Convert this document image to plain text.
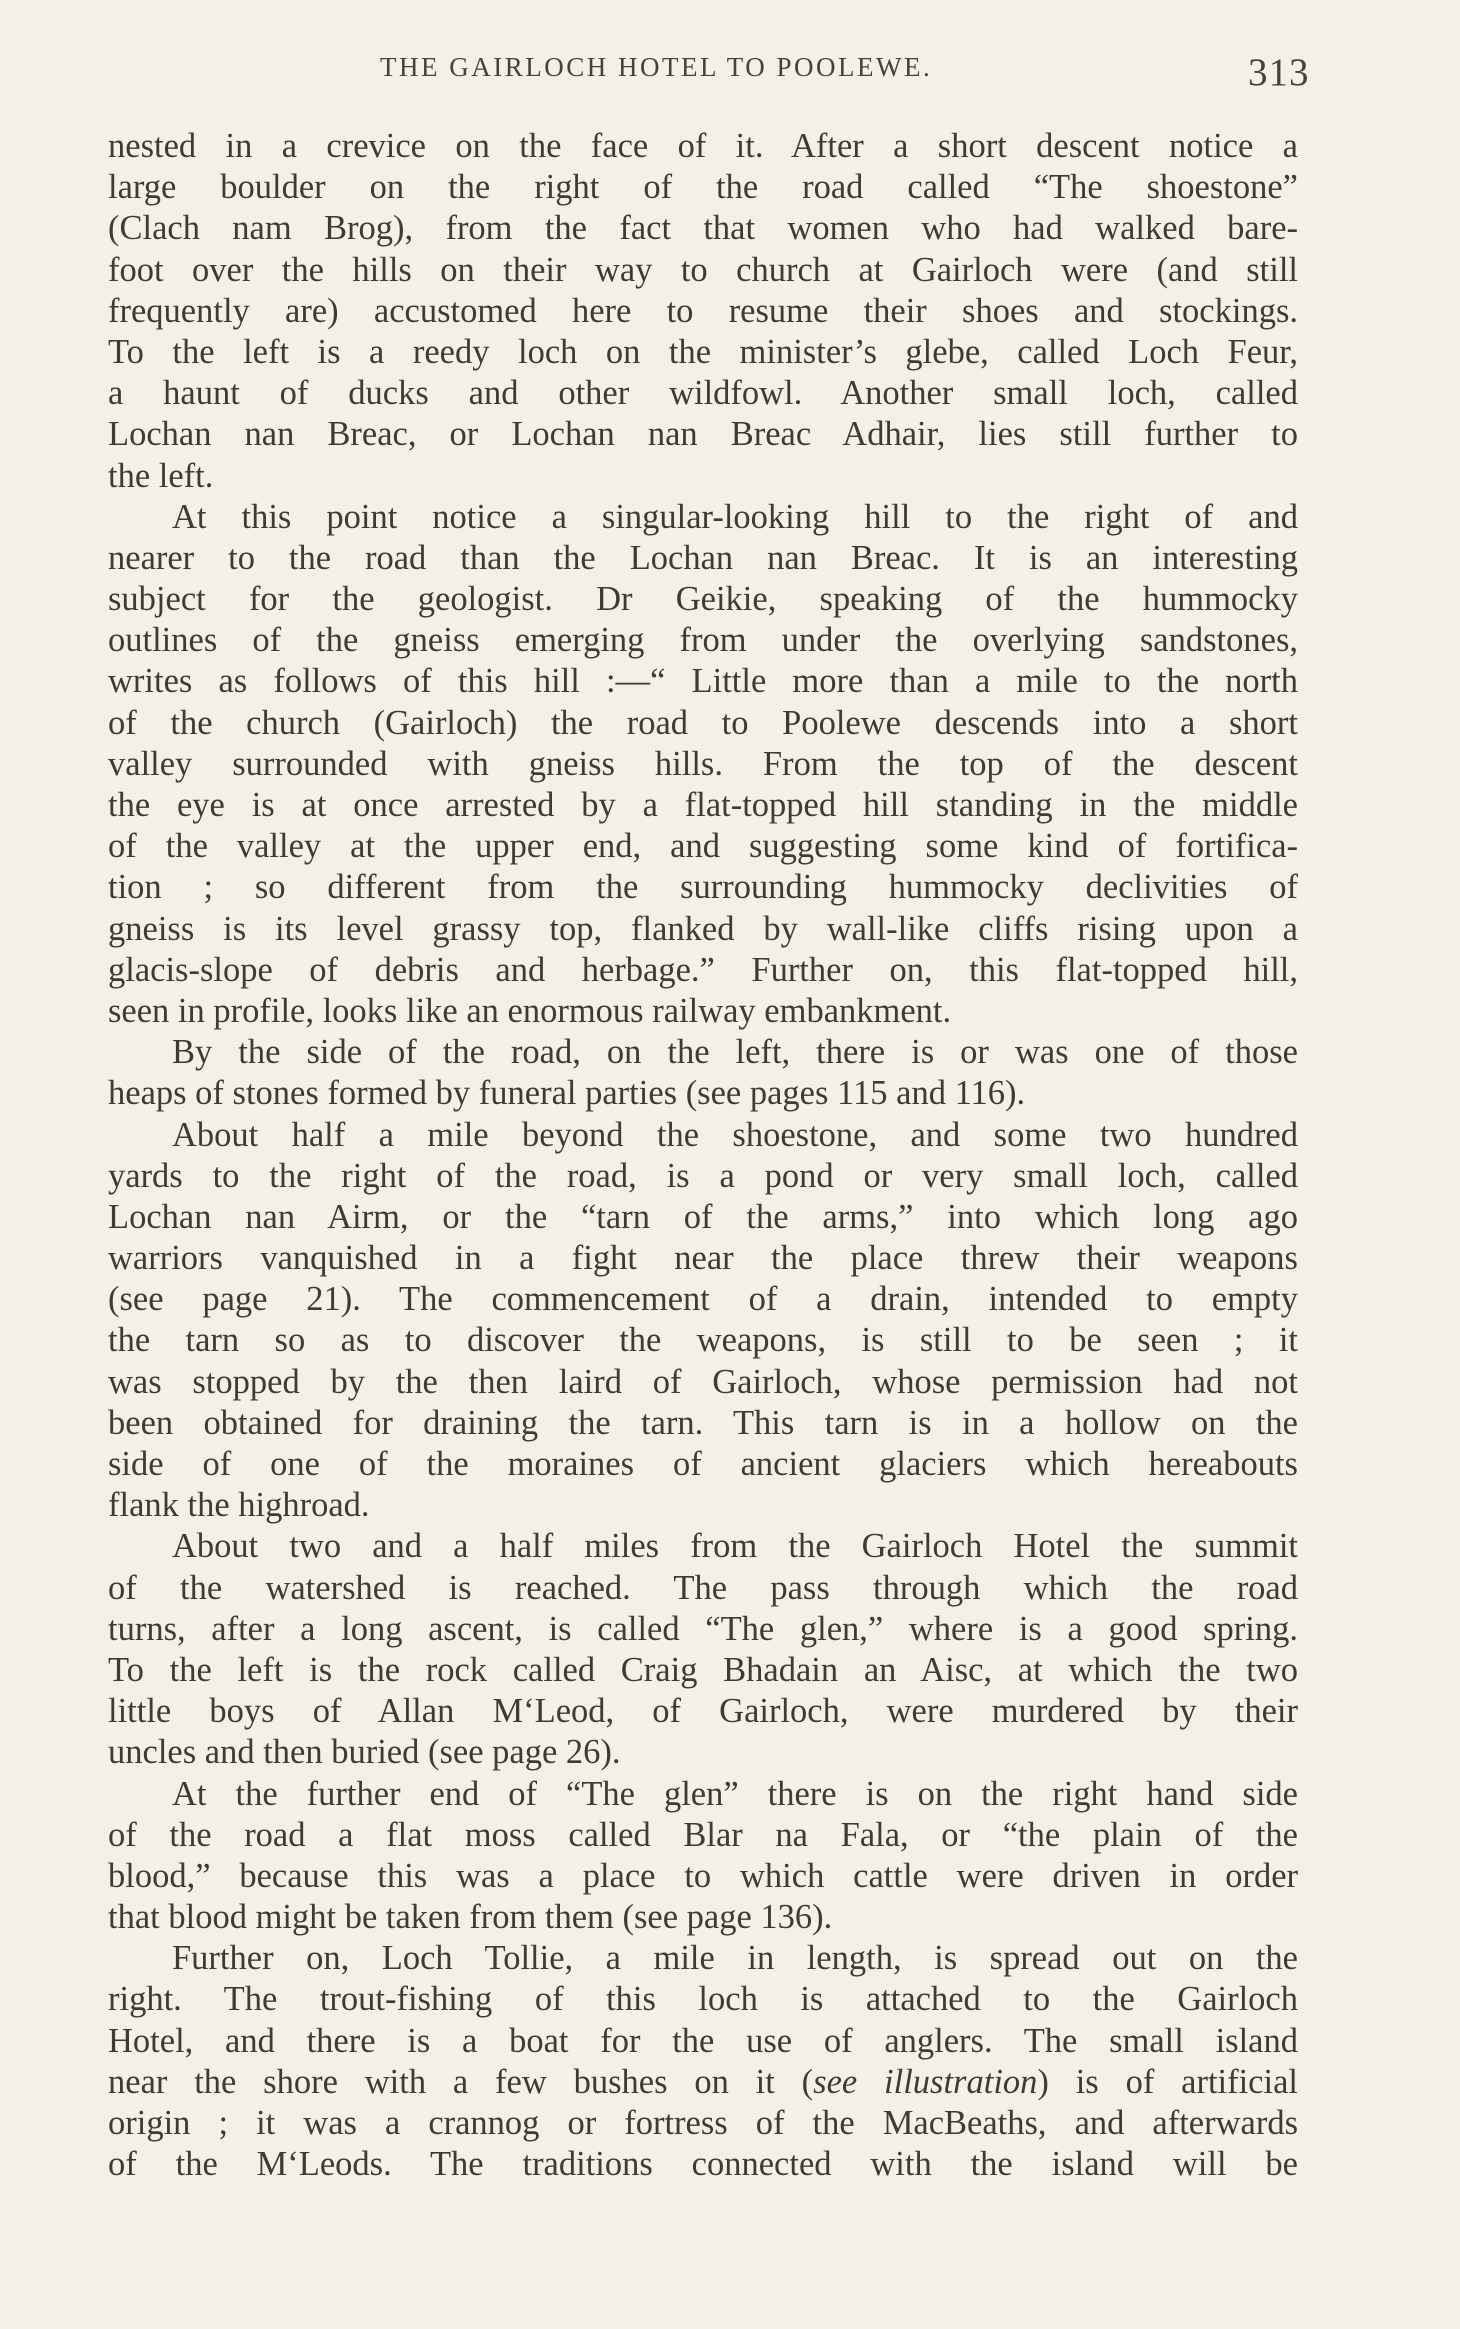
THE GAIRLOCH HOTEL TO POOLEWE.	313
nested in a crevice on the face of it. After a short descent notice a
large boulder on the right of the road called “The shoestone”
(Clach nam Brog), from the fact that women who had walked bare-
foot over the hills on their way to church at Gairloch were (and still
frequently are) accustomed here to resume their shoes and stockings.
To the left is a reedy loch on the minister’s glebe, called Loch Feur,
a haunt of ducks and other wildfowl. Another small loch, called
Lochan nan Breac, or Lochan nan Breac Adhair, lies still further to
the left.
At this point notice a singular-looking hill to the right of and
nearer to the road than the Lochan nan Breac. It is an interesting
subject for the geologist. Dr Geikie, speaking of the hummocky
outlines of the gneiss emerging from under the overlying sandstones,
writes as follows of this hill :—“ Little more than a mile to the north
of the church (Gairloch) the road to Poolewe descends into a short
valley surrounded with gneiss hills. From the top of the descent
the eye is at once arrested by a flat-topped hill standing in the middle
of the valley at the upper end, and suggesting some kind of fortifica-
tion ; so different from the surrounding hummocky declivities of
gneiss is its level grassy top, flanked by wall-like cliffs rising upon a
glacis-slope of debris and herbage.” Further on, this flat-topped hill,
seen in profile, looks like an enormous railway embankment.
By the side of the road, on the left, there is or was one of those
heaps of stones formed by funeral parties (see pages 115 and 116).
About half a mile beyond the shoestone, and some two hundred
yards to the right of the road, is a pond or very small loch, called
Lochan nan Airm, or the “tarn of the arms,” into which long ago
warriors vanquished in a fight near the place threw their weapons
(see page 21). The commencement of a drain, intended to empty
the tarn so as to discover the weapons, is still to be seen ; it
was stopped by the then laird of Gairloch, whose permission had not
been obtained for draining the tarn. This tarn is in a hollow on the
side of one of the moraines of ancient glaciers which hereabouts
flank the highroad.
About two and a half miles from the Gairloch Hotel the summit
of the watershed is reached. The pass through which the road
turns, after a long ascent, is called “The glen,” where is a good spring.
To the left is the rock called Craig Bhadain an Aisc, at which the two
little boys of Allan M‘Leod, of Gairloch, were murdered by their
uncles and then buried (see page 26).
At the further end of “The glen” there is on the right hand side
of the road a flat moss called Blar na Fala, or “the plain of the
blood,” because this was a place to which cattle were driven in order
that blood might be taken from them (see page 136).
Further on, Loch Tollie, a mile in length, is spread out on the
right. The trout-fishing of this loch is attached to the Gairloch
Hotel, and there is a boat for the use of anglers. The small island
near the shore with a few bushes on it (see illustration) is of artificial
origin ; it was a crannog or fortress of the MacBeaths, and afterwards
of the M‘Leods. The traditions connected with the island will be
